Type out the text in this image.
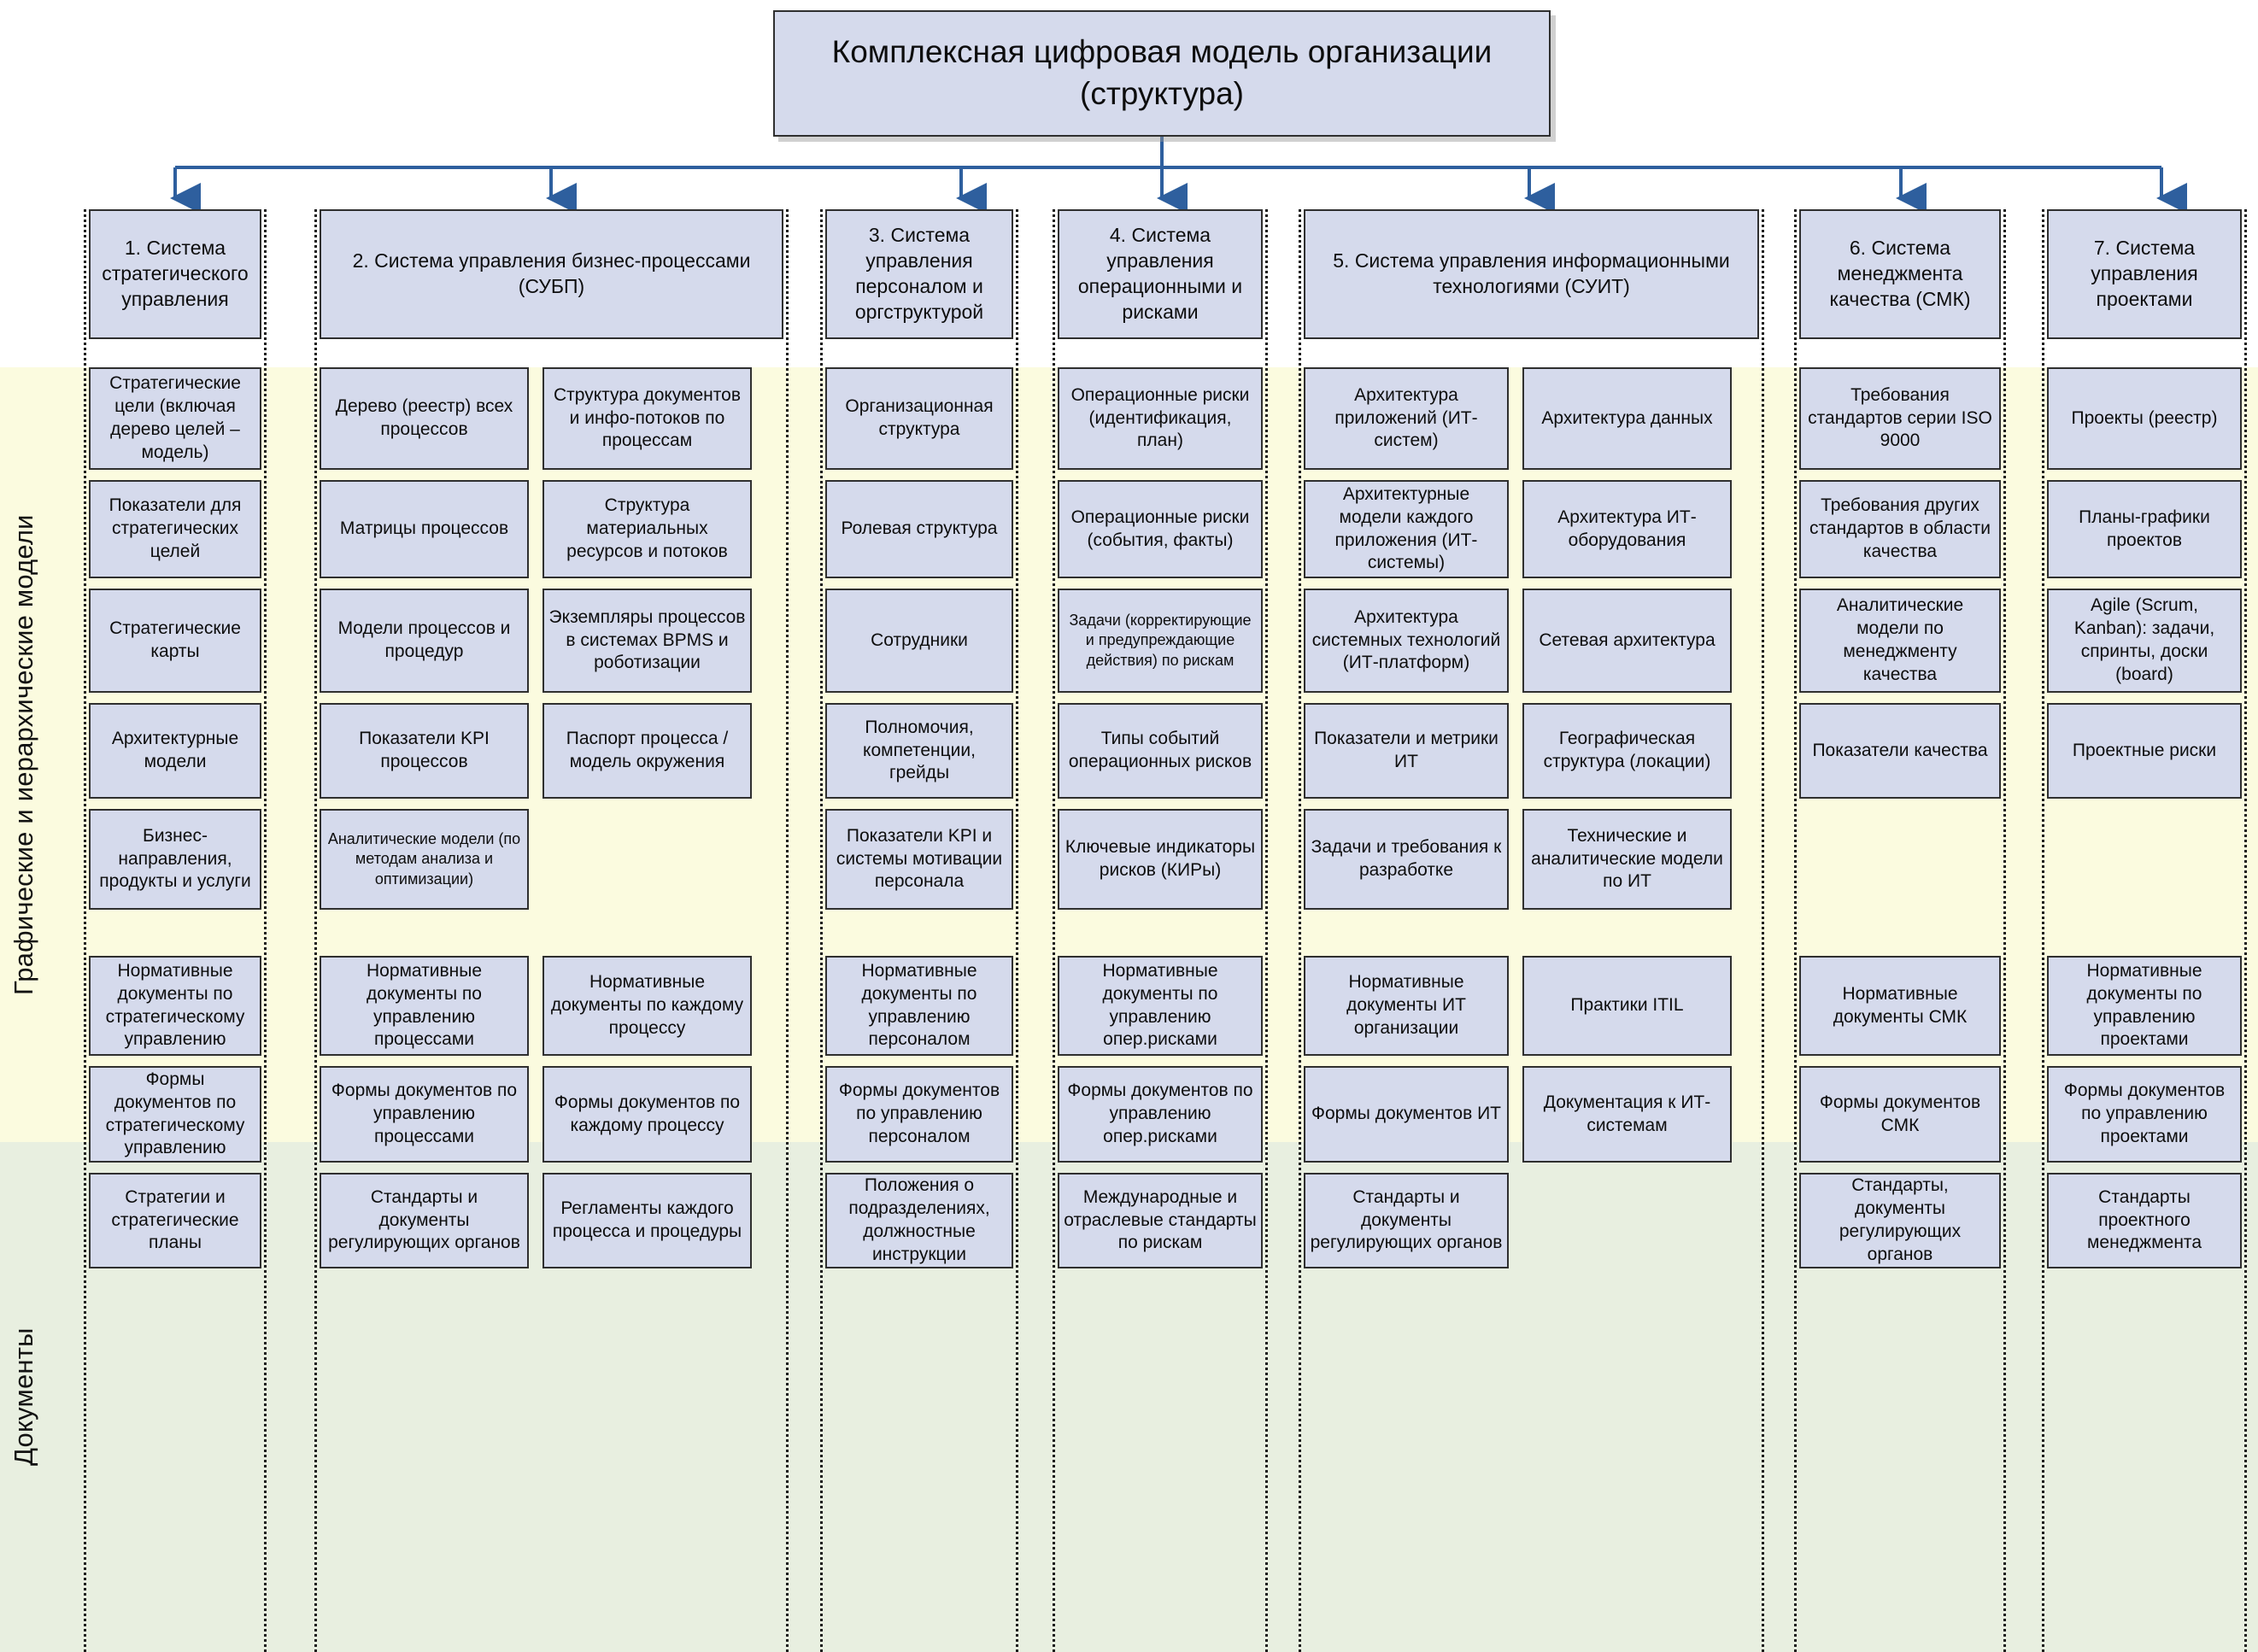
Графические и иерархические модели
Документы
Комплексная цифровая модель организации (структура)
1. Система стратегического управления
Стратегические цели (включая дерево целей – модель)
Показатели для стратегических целей
Стратегические карты
Архитектурные модели
Бизнес-направления, продукты и услуги
Нормативные документы по стратегическому управлению
Формы документов по стратегическому управлению
Стратегии и стратегические планы
2. Система управления бизнес-процессами (СУБП)
Дерево (реестр) всех процессов
Матрицы процессов
Модели процессов и процедур
Показатели KPI процессов
Аналитические модели (по методам анализа и оптимизации)
Нормативные документы по управлению процессами
Формы документов по управлению процессами
Стандарты и документы регулирующих органов
Структура документов и инфо-потоков по процессам
Структура материальных ресурсов и потоков
Экземпляры процессов в системах BPMS и роботизации
Паспорт процесса / модель окружения
Нормативные документы по каждому процессу
Формы документов по каждому процессу
Регламенты каждого процесса и процедуры
3. Система управления персоналом и оргструктурой
Организационная структура
Ролевая структура
Сотрудники
Полномочия, компетенции, грейды
Показатели KPI и системы мотивации персонала
Нормативные документы по управлению персоналом
Формы документов по управлению персоналом
Положения о подразделениях, должностные инструкции
4. Система управления операционными и рисками
Операционные риски (идентификация, план)
Операционные риски (события, факты)
Задачи (корректирующие и предупреждающие действия) по рискам
Типы событий операционных рисков
Ключевые индикаторы рисков (КИРы)
Нормативные документы по управлению опер.рисками
Формы документов по управлению опер.рисками
Международные и отраслевые стандарты по рискам
5. Система управления информационными технологиями (СУИТ)
Архитектура приложений (ИТ-систем)
Архитектурные модели каждого приложения (ИТ-системы)
Архитектура системных технологий (ИТ-платформ)
Показатели и метрики ИТ
Задачи и требования к разработке
Нормативные документы ИТ организации
Формы документов ИТ
Стандарты и документы регулирующих органов
Архитектура данных
Архитектура ИТ-оборудования
Сетевая архитектура
Географическая структура (локации)
Технические и аналитические модели по ИТ
Практики ITIL
Документация к ИТ-системам
6. Система менеджмента качества (СМК)
Требования стандартов серии ISO 9000
Требования других стандартов в области качества
Аналитические модели по менеджменту качества
Показатели качества
Нормативные документы СМК
Формы документов СМК
Стандарты, документы регулирующих органов
7. Система управления проектами
Проекты (реестр)
Планы-графики проектов
Agile (Scrum, Kanban): задачи, спринты, доски (board)
Проектные риски
Нормативные документы по управлению проектами
Формы документов по управлению проектами
Стандарты проектного менеджмента
